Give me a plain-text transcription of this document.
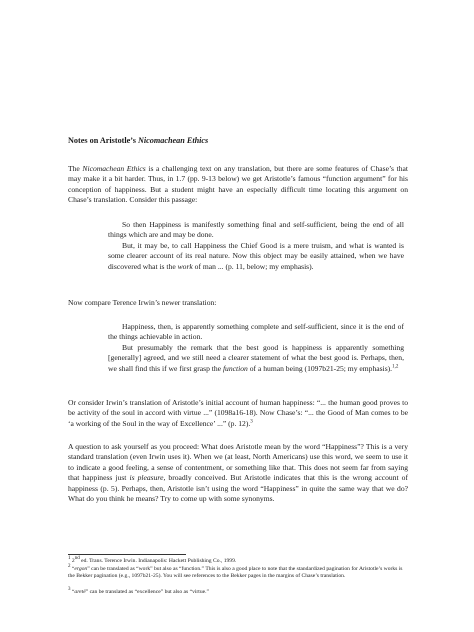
Notes on Aristotle’s Nicomachean Ethics
The Nicomachean Ethics is a challenging text on any translation, but there are some features of Chase’s that may make it a bit harder. Thus, in 1.7 (pp. 9-13 below) we get Aristotle’s famous “function argument” for his conception of happiness. But a student might have an especially difficult time locating this argument on Chase’s translation. Consider this passage:
So then Happiness is manifestly something final and self-sufficient, being the end of all things which are and may be done.
But, it may be, to call Happiness the Chief Good is a mere truism, and what is wanted is some clearer account of its real nature. Now this object may be easily attained, when we have discovered what is the work of man ... (p. 11, below; my emphasis).
Now compare Terence Irwin’s newer translation:
Happiness, then, is apparently something complete and self-sufficient, since it is the end of the things achievable in action.
But presumably the remark that the best good is happiness is apparently something [generally] agreed, and we still need a clearer statement of what the best good is. Perhaps, then, we shall find this if we first grasp the function of a human being (1097b21-25; my emphasis).$^{1,2}$
Or consider Irwin’s translation of Aristotle’s initial account of human happiness: “... the human good proves to be activity of the soul in accord with virtue ...” (1098a16-18). Now Chase’s: “... the Good of Man comes to be ‘a working of the Soul in the way of Excellence’ ...” (p. 12).$^3$
A question to ask yourself as you proceed: What does Aristotle mean by the word “Happiness”? This is a very standard translation (even Irwin uses it). When we (at least, North Americans) use this word, we seem to use it to indicate a good feeling, a sense of contentment, or something like that. This does not seem far from saying that happiness just is pleasure, broadly conceived. But Aristotle indicates that this is the wrong account of happiness (p. 5). Perhaps, then, Aristotle isn’t using the word “Happiness” in quite the same way that we do? What do you think he means? Try to come up with some synonyms.
$^1$ 2nd ed. Trans. Terence Irwin. Indianapolis: Hackett Publishing Co., 1999.
$^2$ “ergon” can be translated as “work” but also as “function.” This is also a good place to note that the standardized pagination for Aristotle’s works is the Bekker pagination (e.g., 1097b21-25). You will see references to the Bekker pages in the margins of Chase’s translation.
$^3$ “aretê” can be translated as “excellence” but also as “virtue.”
